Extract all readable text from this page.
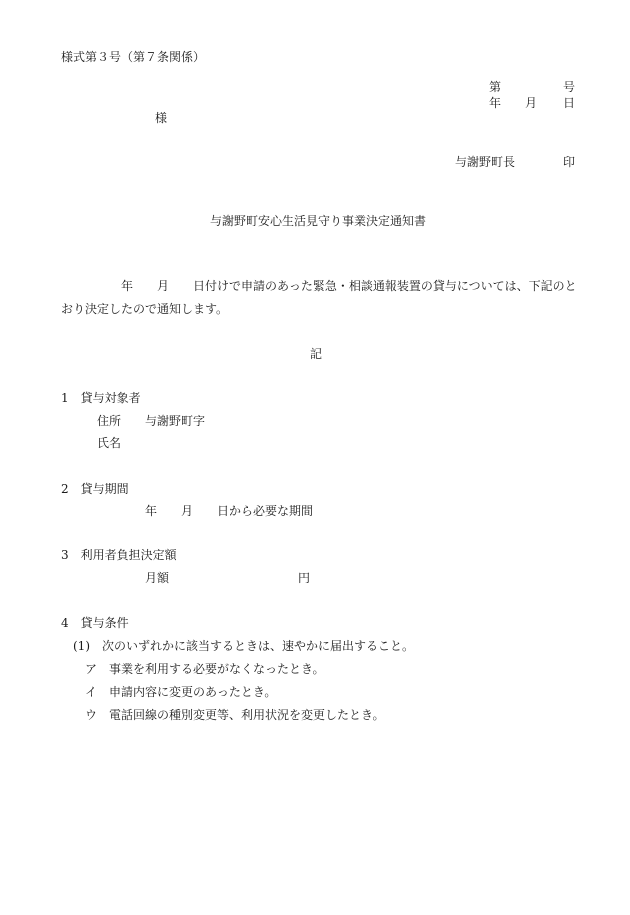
様式第３号（第７条関係）
第	号
年 月 日
様
与謝野町長	印
与謝野町安心生活見守り事業決定通知書
年 月 日付けで申請のあった緊急・相談通報装置の貸与については、下記のと
おり決定したので通知します。
記
1　貸与対象者
住所 与謝野町字
氏名
2　貸与期間
年 月 日から必要な期間
3　利用者負担決定額
月額	円
4　貸与条件
(1)　次のいずれかに該当するときは、速やかに届出すること。
ア　事業を利用する必要がなくなったとき。
イ　申請内容に変更のあったとき。
ウ　電話回線の種別変更等、利用状況を変更したとき。
